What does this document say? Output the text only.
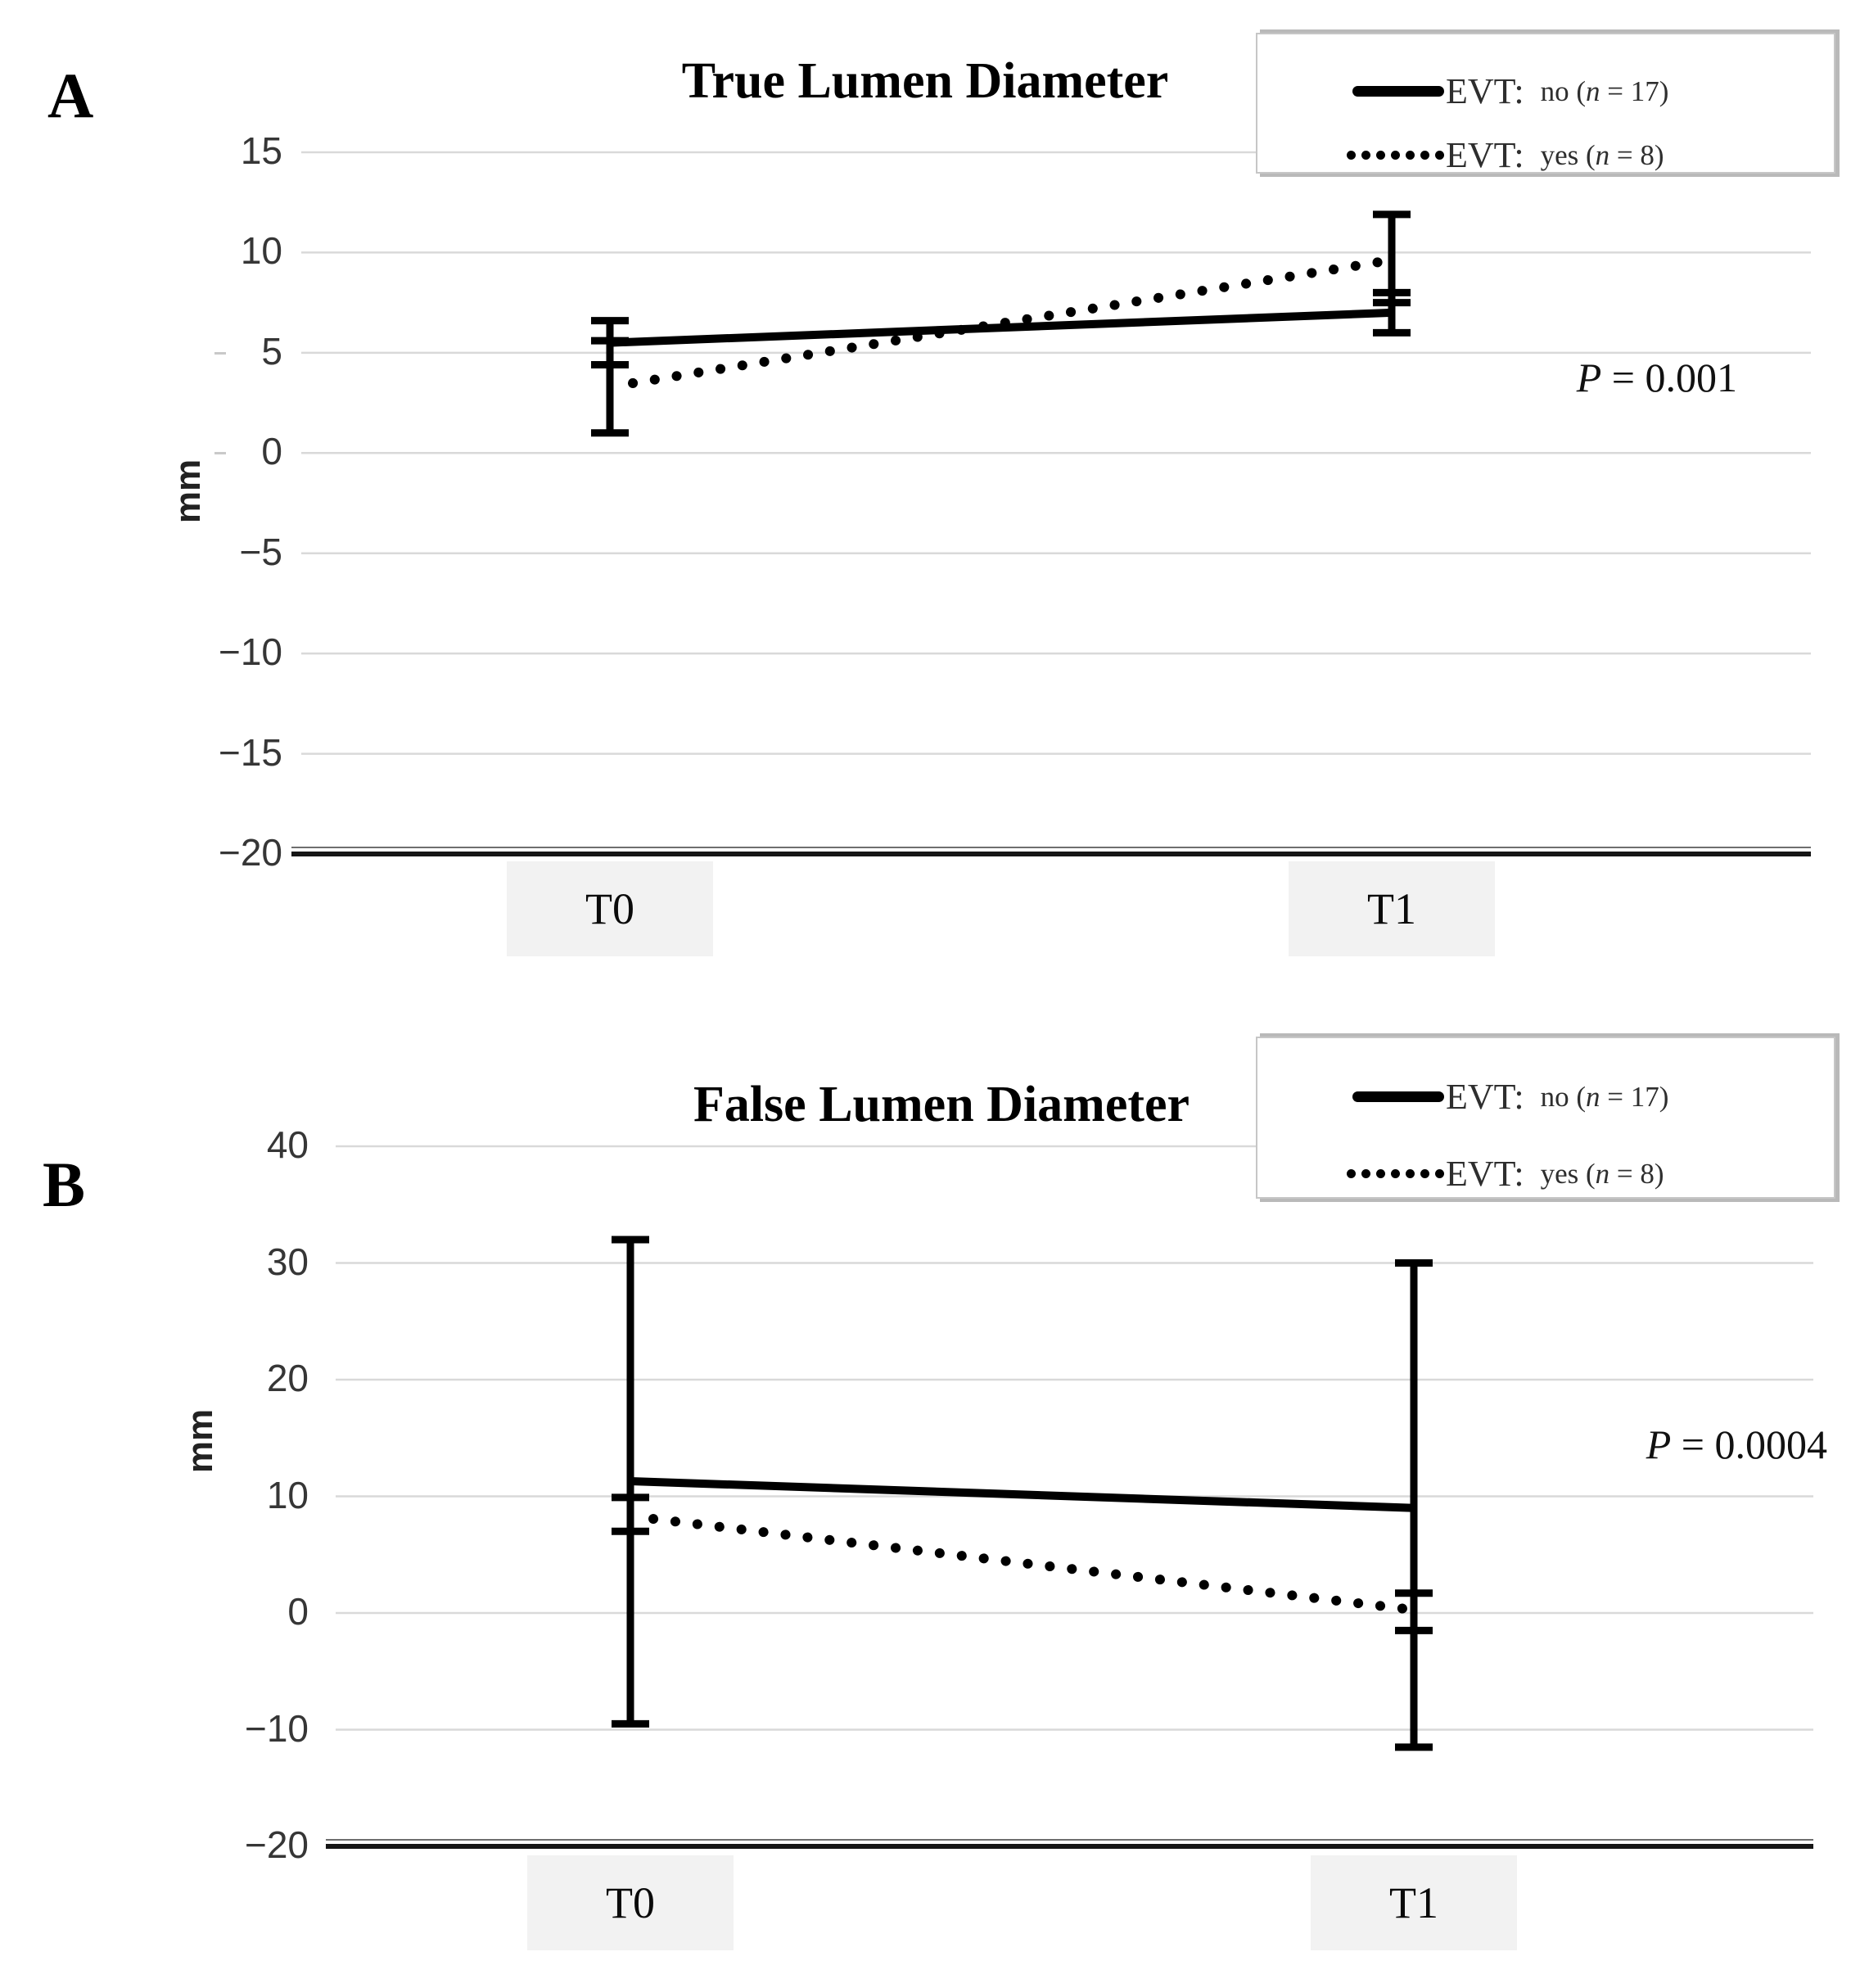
A
B
True Lumen Diameter
False Lumen Diameter
mm
mm
P = 0.001
P = 0.0004
EVT: no (n = 17)
EVT: yes (n = 8)
EVT: no (n = 17)
EVT: yes (n = 8)
15
10
5
0
−5
−10
−15
−20
40
30
20
10
0
−10
−20
T0	T1
T0	T1
